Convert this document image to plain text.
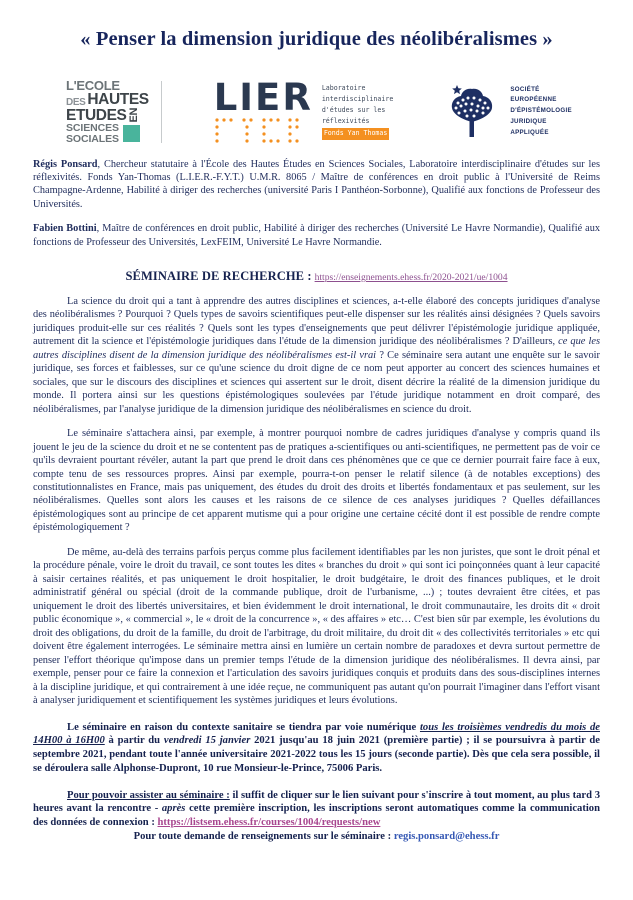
« Penser la dimension juridique des néolibéralismes »
L'ECOLE
DES HAUTES
ETUDES EN
SCIENCES
SOCIALES
LIER Laboratoire
interdisciplinaire
d'études sur les
réflexivités
Fonds Yan Thomas
SOCIÉTÉ
EUROPÉENNE
D'ÉPISTÉMOLOGIE
JURIDIQUE
APPLIQUÉE
Régis Ponsard, Chercheur statutaire à l'École des Hautes Études en Sciences Sociales, Laboratoire interdisciplinaire d'études sur les réflexivités. Fonds Yan-Thomas (L.I.E.R.-F.Y.T.) U.M.R. 8065 / Maître de conférences en droit public à l'Université de Reims Champagne-Ardenne, Habilité à diriger des recherches (université Paris I Panthéon-Sorbonne), Qualifié aux fonctions de Professeur des Universités.
Fabien Bottini, Maître de conférences en droit public, Habilité à diriger des recherches (Université Le Havre Normandie), Qualifié aux fonctions de Professeur des Universités, LexFEIM, Université Le Havre Normandie.
SÉMINAIRE DE RECHERCHE : https://enseignements.ehess.fr/2020-2021/ue/1004
La science du droit qui a tant à apprendre des autres disciplines et sciences, a-t-elle élaboré des concepts juridiques d'analyse des néolibéralismes ? Pourquoi ? Quels types de savoirs scientifiques peut-elle dispenser sur les réalités ainsi désignées ? Quels savoirs juridiques produit-elle sur ces réalités ? Quels sont les types d'enseignements que peut délivrer l'épistémologie juridique appliquée, autrement dit la science et l'épistémologie juridiques dans l'étude de la dimension juridique des néolibéralismes ? D'ailleurs, ce que les autres disciplines disent de la dimension juridique des néolibéralismes est-il vrai ? Ce séminaire sera autant une enquête sur le savoir juridique, ses forces et faiblesses, sur ce qu'une science du droit digne de ce nom peut apporter au concert des sciences humaines et sociales, que sur le discours des disciplines et sciences qui assertent sur le droit, disent décrire la réalité de la dimension juridique du monde. Il portera ainsi sur les questions épistémologiques soulevées par l'étude juridique notamment en droit comparé, des néolibéralismes, par l'analyse juridique de la dimension juridique des néolibéralismes en science du droit.
Le séminaire s'attachera ainsi, par exemple, à montrer pourquoi nombre de cadres juridiques d'analyse y compris quand ils jouent le jeu de la science du droit et ne se contentent pas de pratiques a-scientifiques ou anti-scientifiques, ne permettent pas de voir ce qu'ils devraient pourtant révéler, autant la part que prend le droit dans ces phénomènes que ce que ce dernier pourrait faire face à eux, compte tenu de ses ressources propres. Ainsi par exemple, pourra-t-on penser le relatif silence (à de notables exceptions) des constitutionnalistes en France, mais pas uniquement, des études du droit des droits et libertés fondamentaux et pas seulement, sur les néolibéralismes. Quelles sont alors les causes et les raisons de ce silence de ces analyses juridiques ? Quelles défaillances épistémologiques sont au principe de cet apparent mutisme qui a pour origine une certaine cécité dont il est possible de rendre compte épistémologiquement ?
De même, au-delà des terrains parfois perçus comme plus facilement identifiables par les non juristes, que sont le droit pénal et la procédure pénale, voire le droit du travail, ce sont toutes les dites « branches du droit » qui sont ici poinçonnées quant à leur capacité à saisir certaines réalités, et pas uniquement le droit hospitalier, le droit budgétaire, le droit des finances publiques, et le droit administratif général ou spécial (droit de la commande publique, droit de l'urbanisme, ...) ; toutes devraient être citées, et pas uniquement le droit des libertés universitaires, et bien évidemment le droit international, le droit communautaire, les droits dit « droit public économique », « commercial », le « droit de la concurrence », « des affaires » etc… C'est bien sûr par exemple, les évolutions du droit des obligations, du droit de la famille, du droit de l'arbitrage, du droit militaire, du droit dit « des collectivités territoriales » etc qui doivent être également interrogées. Le séminaire mettra ainsi en lumière un certain nombre de paradoxes et devra surtout permettre de penser l'effort théorique qu'impose dans un premier temps l'étude de la dimension juridique des néolibéralismes. Il devra ainsi, par exemple, penser pour ce faire la connexion et l'articulation des savoirs juridiques conquis et produits dans des sous-disciplines internes à la discipline juridique, et qui contrairement à une idée reçue, ne communiquent pas autant qu'on pourrait l'imaginer dans l'effort visant à analyser juridiquement et scientifiquement les systèmes juridiques et leurs évolutions.
Le séminaire en raison du contexte sanitaire se tiendra par voie numérique tous les troisièmes vendredis du mois de 14H00 à 16H00 à partir du vendredi 15 janvier 2021 jusqu'au 18 juin 2021 (première partie) ; il se poursuivra à partir de septembre 2021, pendant toute l'année universitaire 2021-2022 tous les 15 jours (seconde partie). Dès que cela sera possible, il se déroulera salle Alphonse-Dupront, 10 rue Monsieur-le-Prince, 75006 Paris.
Pour pouvoir assister au séminaire : il suffit de cliquer sur le lien suivant pour s'inscrire à tout moment, au plus tard 3 heures avant la rencontre - après cette première inscription, les inscriptions seront automatiques comme la communication des données de connexion : https://listsem.ehess.fr/courses/1004/requests/new
Pour toute demande de renseignements sur le séminaire : regis.ponsard@ehess.fr
